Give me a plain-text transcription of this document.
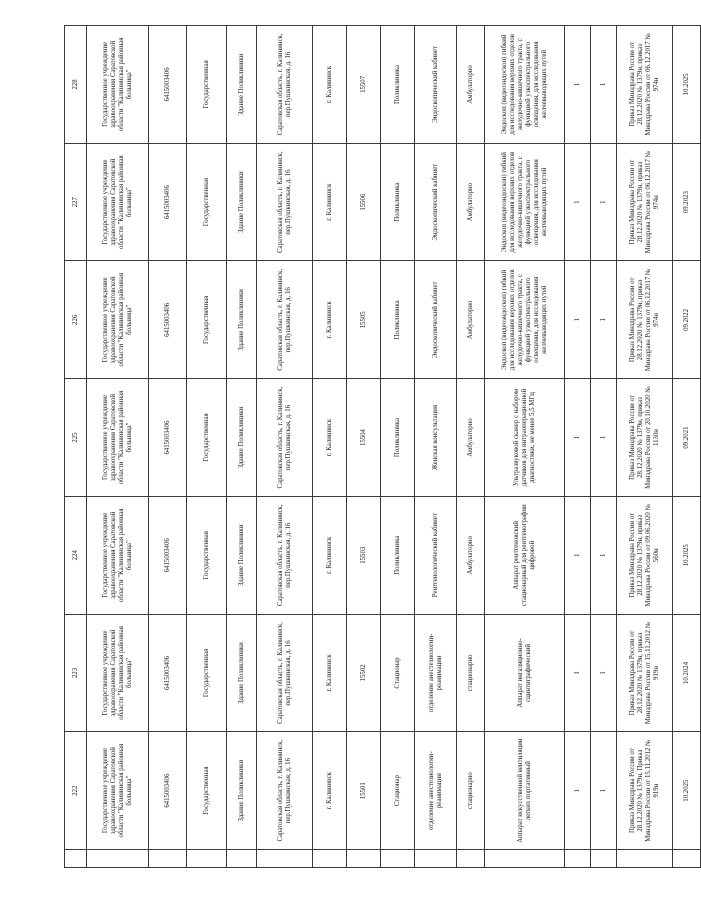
	222	223	224	225	226	227	228
	Государственное учреждение здравоохранения Саратовской области "Калининская районная больница"	Государственное учреждение здравоохранения Саратовской области "Калининская районная больница"	Государственное учреждение здравоохранения Саратовской области "Калининская районная больница"	Государственное учреждение здравоохранения Саратовской области "Калининская районная больница"	Государственное учреждение здравоохранения Саратовской области "Калининская районная больница"	Государственное учреждение здравоохранения Саратовской области "Калининская районная больница"	Государственное учреждение здравоохранения Саратовской области "Калининская районная больница"
	6415003406	6415003406	6415003406	6415003406	6415003406	6415003406	6415003406
	Государственная	Государственная	Государственная	Государственная	Государственная	Государственная	Государственная
	Здание Поликлиники	Здание Поликлиники	Здание Поликлиники	Здание Поликлиники	Здание Поликлиники	Здание Поликлиники	Здание Поликлиники
	Саратовская область, г. Калининск, пер.Пушкинская, д. 16	Саратовская область, г. Калининск, пер.Пушкинская, д. 16	Саратовская область, г. Калининск, пер.Пушкинская, д. 16	Саратовская область, г. Калининск, пер.Пушкинская, д. 16	Саратовская область, г. Калининск, пер.Пушкинская, д. 16	Саратовская область, г. Калининск, пер.Пушкинская, д. 16	Саратовская область, г. Калининск, пер.Пушкинская, д. 16
	г. Калининск	г. Калининск	г. Калининск	г. Калининск	г. Калининск	г. Калининск	г. Калининск
	15501	15502	15503	15504	15505	15506	15507
	Стационар	Стационар	Поликлиника	Поликлиника	Поликлиника	Поликлиника	Поликлиника
	отделение анестезиологии-реанимации	отделение анестезиологии-реанимации	Рентгенологический кабинет	Женская консультация	Эндоскопический кабинет	Эндоскопический кабинет	Эндоскопический кабинет
	стационарно	стационарно	Амбулаторно	Амбулаторно	Амбулаторно	Амбулаторно	Амбулаторно
	Аппарат искусственной вентиляции легких портативный	Аппарат ингаляционно-сцинтиграфический	Аппарат рентгеновский стационарный для рентгенографии цифровой	Ультразвуковой сканер с набором датчиков для интраоперационной диагностики, не менее 5,5 МГц	Эндоскоп (видеоэндоскоп) гибкий для исследования верхних отделов желудочно-кишечного тракта, с функцией узкоспектрального освещения, для исследования желчевыводящих путей	Эндоскоп (видеоэндоскоп) гибкий для исследования верхних отделов желудочно-кишечного тракта, с функцией узкоспектрального освещения, для исследования желчевыводящих путей	Эндоскоп (видеоэндоскоп) гибкий для исследования верхних отделов желудочно-кишечного тракта, с функцией узкоспектрального освещения, для исследования желчевыводящих путей
	1	1	1	1	1	1	1
	1	1	1	1	1	1	1
	Приказ Минздрава России от 28.12.2020 № 1379н, Приказ Минздрава России от 15.11.2012 № 919н	Приказ Минздрава России от 28.12.2020 № 1379н, приказ Минздрава России от 15.11.2012 № 919н	Приказ Минздрава России от 28.12.2020 № 1379н, приказ Минздрава России от 09.06.2020 № 560н	Приказ Минздрава России от 28.12.2020 № 1379н, приказ Минздрава России от 20.10.2020 № 1130н	Приказ Минздрава России от 28.12.2020 № 1379н, приказ Минздрава России от 06.12.2017 № 974н	Приказ Минздрава России от 28.12.2020 № 1379н, приказ Минздрава России от 06.12.2017 № 974н	Приказ Минздрава России от 28.12.2020 № 1379н, приказ Минздрава России от 06.12.2017 № 974н
	10.2025	10.2024	10.2025	09.2021	09.2022	09.2023	10.2025
